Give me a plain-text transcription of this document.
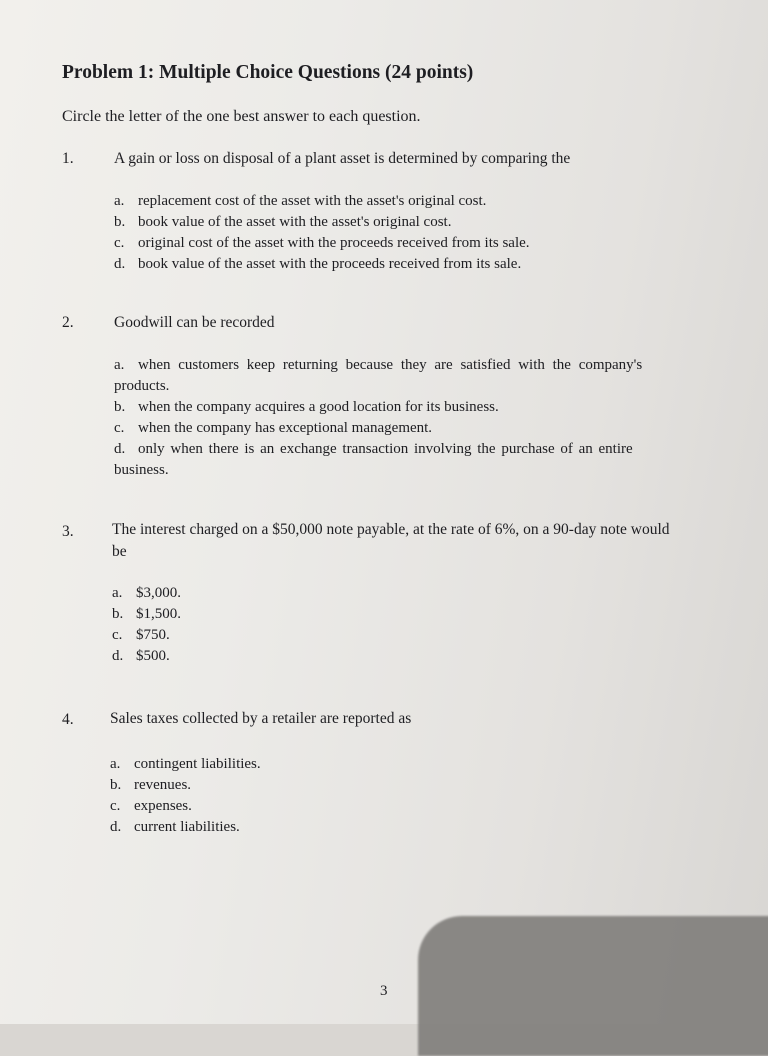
Problem 1: Multiple Choice Questions (24 points)
Circle the letter of the one best answer to each question.
1.	A gain or loss on disposal of a plant asset is determined by comparing the
a. replacement cost of the asset with the asset's original cost.
b. book value of the asset with the asset's original cost.
c. original cost of the asset with the proceeds received from its sale.
d. book value of the asset with the proceeds received from its sale.
2.	Goodwill can be recorded
a. when customers keep returning because they are satisfied with the company's
products.
b. when the company acquires a good location for its business.
c. when the company has exceptional management.
d. only when there is an exchange transaction involving the purchase of an entire
business.
3. The interest charged on a $50,000 note payable, at the rate of 6%, on a 90-day note would
be
a. $3,000.
b. $1,500.
c. $750.
d. $500.
4. Sales taxes collected by a retailer are reported as
a. contingent liabilities.
b. revenues.
c. expenses.
d. current liabilities.
3
